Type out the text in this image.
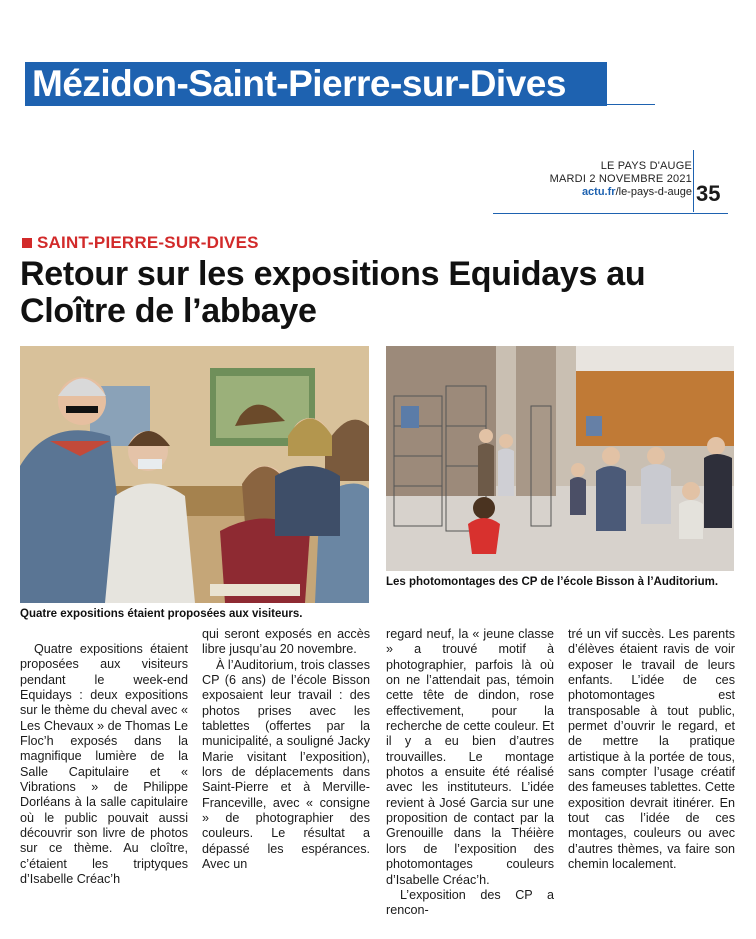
Mézidon-Saint-Pierre-sur-Dives
LE PAYS D'AUGE
MARDI 2 NOVEMBRE 2021
actu.fr/le-pays-d-auge 35
SAINT-PIERRE-SUR-DIVES
Retour sur les expositions Equidays au Cloître de l’abbaye
Quatre expositions étaient proposées aux visiteurs.
Les photomontages des CP de l’école Bisson à l’Auditorium.

Quatre expositions étaient proposées aux visiteurs pendant le week-end Equidays : deux expositions sur le thème du cheval avec « Les Chevaux » de Thomas Le Floc’h exposés dans la magnifique lumière de la Salle Capitulaire et « Vibrations » de Philippe Dorléans à la salle capitulaire où le public pouvait aussi découvrir son livre de photos sur ce thème. Au cloître, c’étaient les triptyques d’Isabelle Créac’h

qui seront exposés en accès libre jusqu’au 20 novembre.

À l’Auditorium, trois classes CP (6 ans) de l’école Bisson exposaient leur travail : des photos prises avec les tablettes (offertes par la municipalité, a souligné Jacky Marie visitant l’exposition), lors de déplacements dans Saint-Pierre et à Merville-Franceville, avec « consigne » de photographier des couleurs. Le résultat a dépassé les espérances. Avec un

regard neuf, la « jeune classe » a trouvé motif à photographier, parfois là où on ne l’attendait pas, témoin cette tête de dindon, rose effectivement, pour la recherche de cette couleur. Et il y a eu bien d’autres trouvailles. Le montage photos a ensuite été réalisé avec les instituteurs. L’idée revient à José Garcia sur une proposition de contact par la Grenouille dans la Théière lors de l’exposition des photomontages couleurs d’Isabelle Créac’h.

L’exposition des CP a rencon-

tré un vif succès. Les parents d’élèves étaient ravis de voir exposer le travail de leurs enfants. L’idée de ces photomontages est transposable à tout public, permet d’ouvrir le regard, et de mettre la pratique artistique à la portée de tous, sans compter l’usage créatif des fameuses tablettes. Cette exposition devrait itinérer. En tout cas l’idée de ces montages, couleurs ou avec d’autres thèmes, va faire son chemin localement.
